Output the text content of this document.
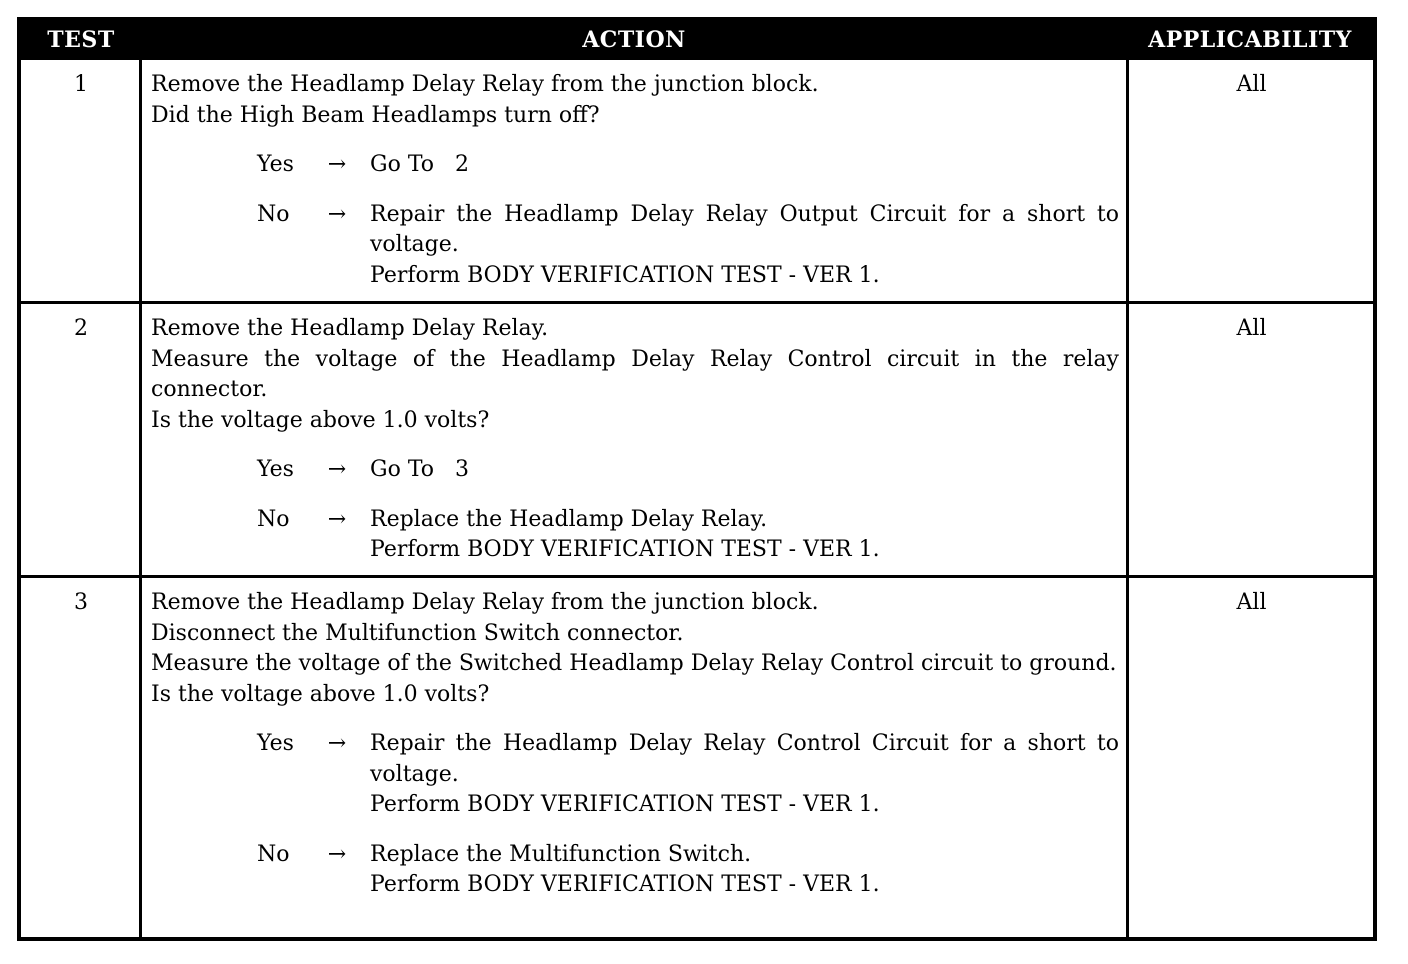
TEST	ACTION	APPLICABILITY
1	Remove the Headlamp Delay Relay from the junction block.
Did the High Beam Headlamps turn off?
Yes	→	Go To   2
No	→	Repair the Headlamp Delay Relay Output Circuit for a short to voltage.
Perform BODY VERIFICATION TEST - VER 1.
All
2	Remove the Headlamp Delay Relay.
Measure the voltage of the Headlamp Delay Relay Control circuit in the relay connector.
Is the voltage above 1.0 volts?
Yes	→	Go To   3
No	→	Replace the Headlamp Delay Relay.
Perform BODY VERIFICATION TEST - VER 1.
All
3	Remove the Headlamp Delay Relay from the junction block.
Disconnect the Multifunction Switch connector.
Measure the voltage of the Switched Headlamp Delay Relay Control circuit to ground.
Is the voltage above 1.0 volts?
Yes	→	Repair the Headlamp Delay Relay Control Circuit for a short to voltage.
Perform BODY VERIFICATION TEST - VER 1.
No	→	Replace the Multifunction Switch.
Perform BODY VERIFICATION TEST - VER 1.
All
